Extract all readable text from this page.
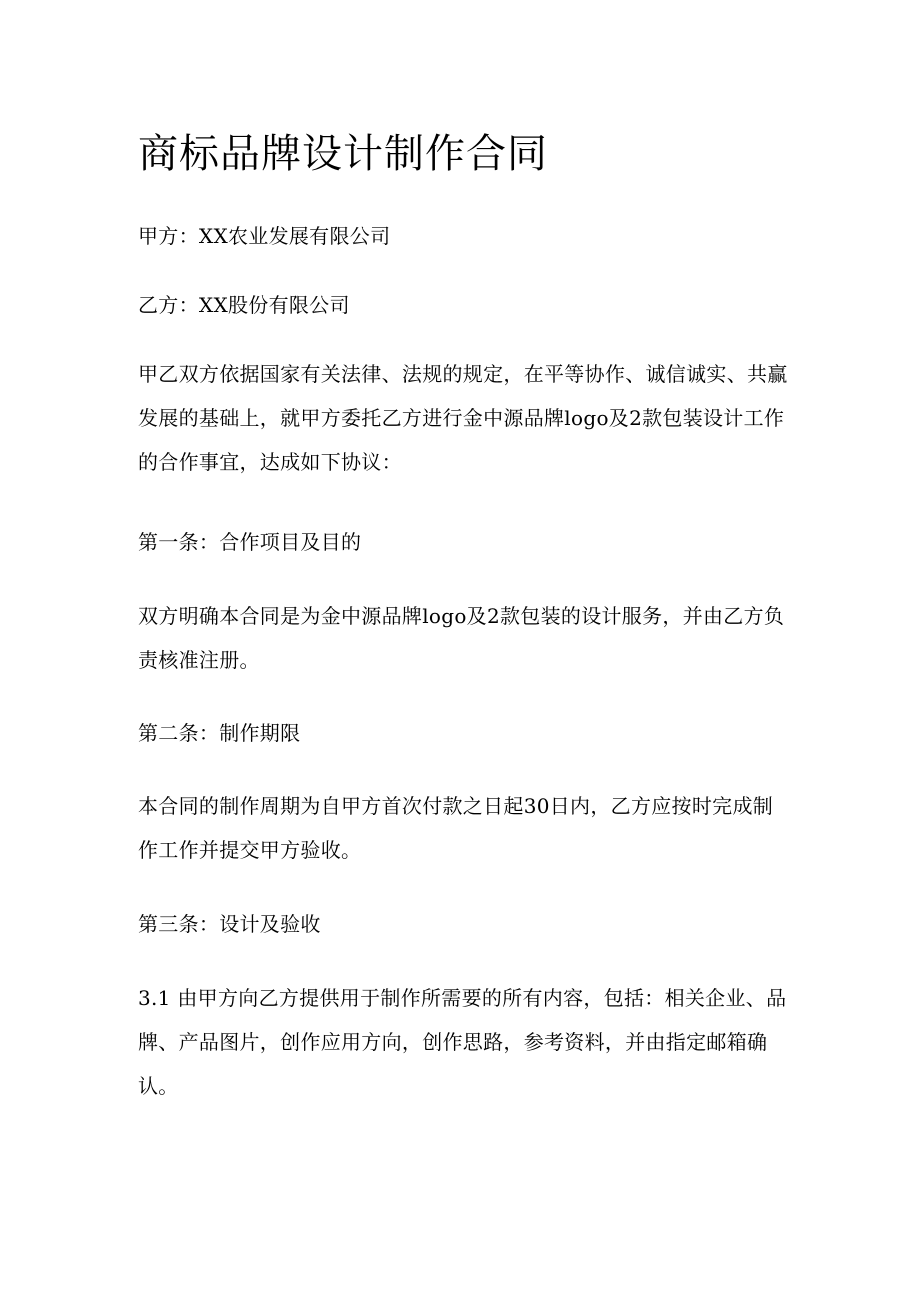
商标品牌设计制作合同

甲方：XX农业发展有限公司

乙方：XX股份有限公司

甲乙双方依据国家有关法律、法规的规定，在平等协作、诚信诚实、共赢发展的基础上，就甲方委托乙方进行金中源品牌logo及2款包装设计工作的合作事宜，达成如下协议：

第一条：合作项目及目的

双方明确本合同是为金中源品牌logo及2款包装的设计服务，并由乙方负责核准注册。

第二条：制作期限

本合同的制作周期为自甲方首次付款之日起30日内，乙方应按时完成制作工作并提交甲方验收。

第三条：设计及验收

3.1 由甲方向乙方提供用于制作所需要的所有内容，包括：相关企业、品牌、产品图片，创作应用方向，创作思路，参考资料，并由指定邮箱确认。
